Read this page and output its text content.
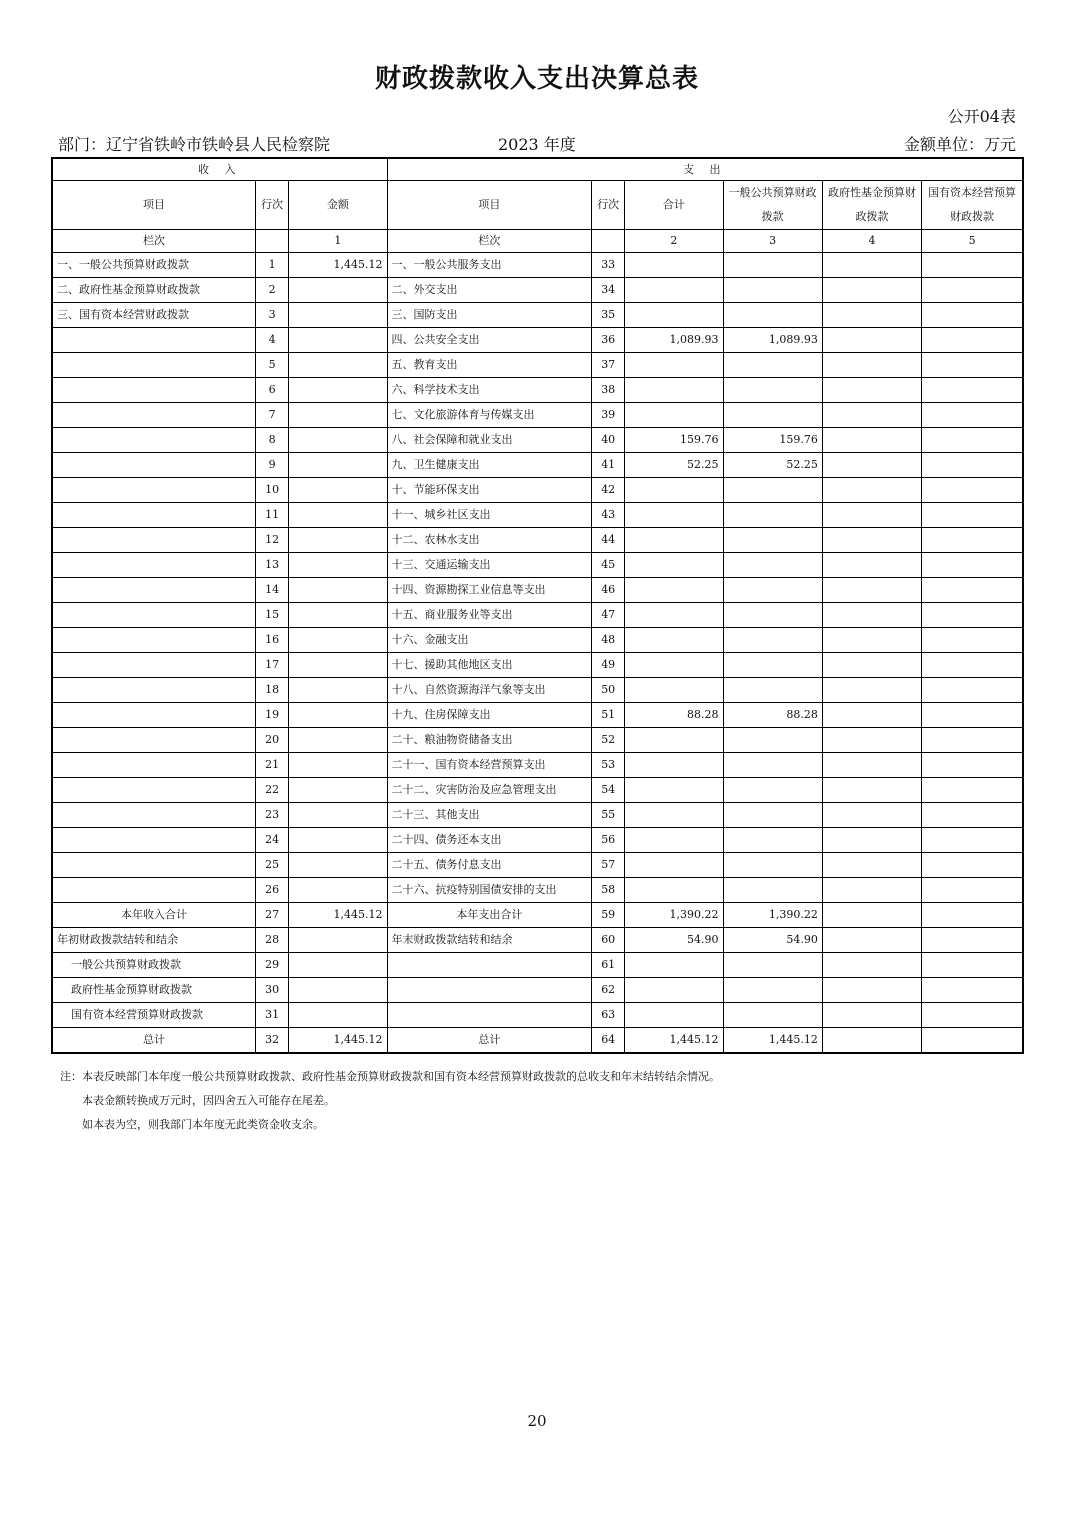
财政拨款收入支出决算总表
公开04表
部门：辽宁省铁岭市铁岭县人民检察院	2023 年度	金额单位：万元
收 入			支 出					
项目	行次	金额	项目	行次	合计	一般公共预算财政拨款	政府性基金预算财政拨款	国有资本经营预算财政拨款
栏次		1	栏次		2	3	4	5
一、一般公共预算财政拨款	1	1,445.12	一、一般公共服务支出	33				
二、政府性基金预算财政拨款	2		二、外交支出	34				
三、国有资本经营财政拨款	3		三、国防支出	35				
	4		四、公共安全支出	36	1,089.93	1,089.93		
	5		五、教育支出	37				
	6		六、科学技术支出	38				
	7		七、文化旅游体育与传媒支出	39				
	8		八、社会保障和就业支出	40	159.76	159.76		
	9		九、卫生健康支出	41	52.25	52.25		
	10		十、节能环保支出	42				
	11		十一、城乡社区支出	43				
	12		十二、农林水支出	44				
	13		十三、交通运输支出	45				
	14		十四、资源勘探工业信息等支出	46				
	15		十五、商业服务业等支出	47				
	16		十六、金融支出	48				
	17		十七、援助其他地区支出	49				
	18		十八、自然资源海洋气象等支出	50				
	19		十九、住房保障支出	51	88.28	88.28		
	20		二十、粮油物资储备支出	52				
	21		二十一、国有资本经营预算支出	53				
	22		二十二、灾害防治及应急管理支出	54				
	23		二十三、其他支出	55				
	24		二十四、债务还本支出	56				
	25		二十五、债务付息支出	57				
	26		二十六、抗疫特别国债安排的支出	58				
本年收入合计	27	1,445.12	本年支出合计	59	1,390.22	1,390.22		
年初财政拨款结转和结余	28		年末财政拨款结转和结余	60	54.90	54.90		
一般公共预算财政拨款	29			61				
政府性基金预算财政拨款	30			62				
国有资本经营预算财政拨款	31			63				
总计	32	1,445.12	总计	64	1,445.12	1,445.12		
注：本表反映部门本年度一般公共预算财政拨款、政府性基金预算财政拨款和国有资本经营预算财政拨款的总收支和年末结转结余情况。
本表金额转换成万元时，因四舍五入可能存在尾差。
如本表为空，则我部门本年度无此类资金收支余。
20
